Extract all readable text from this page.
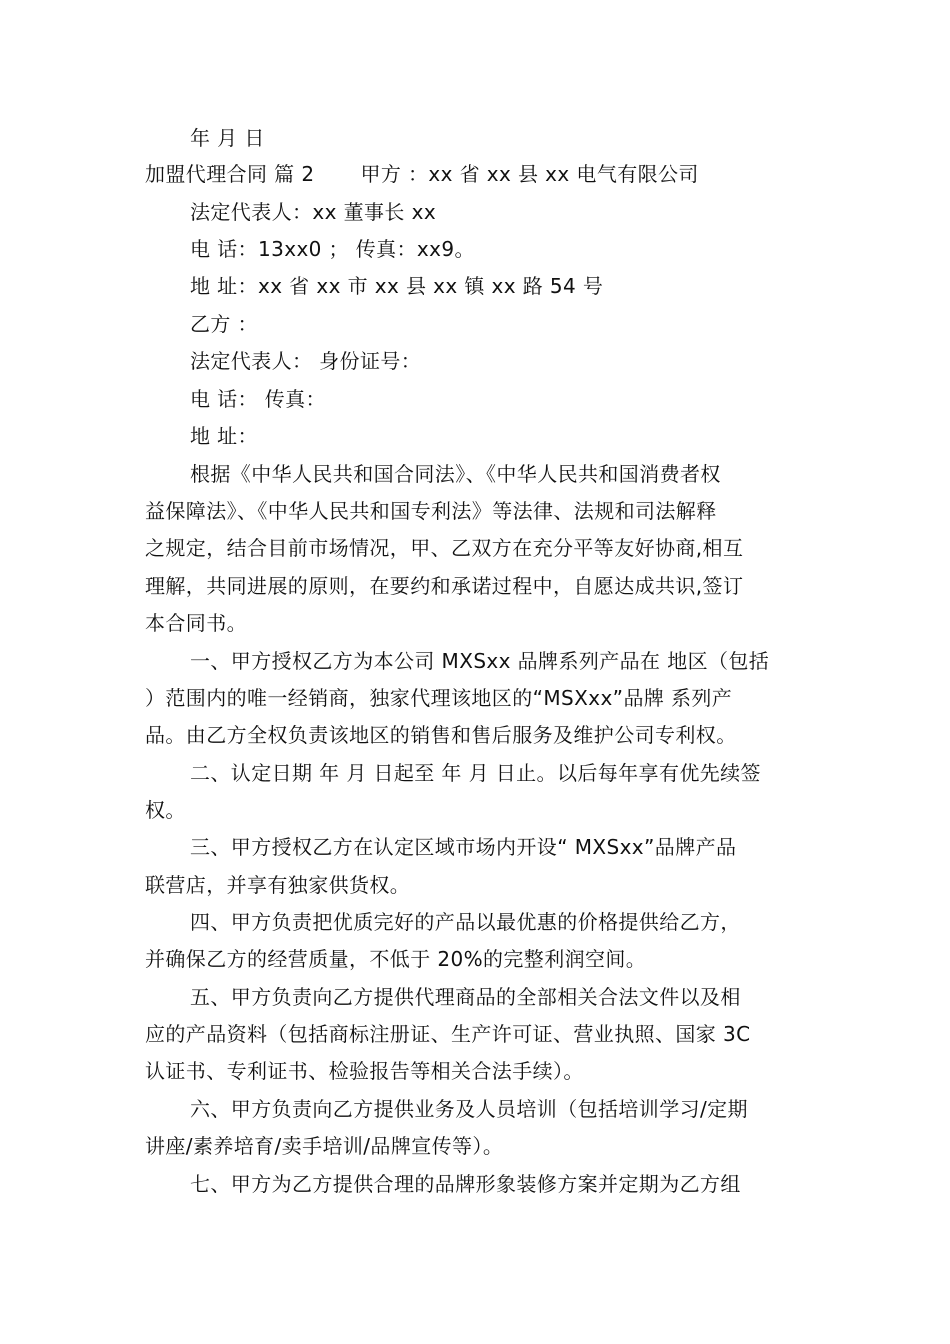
年 月 日
加盟代理合同 篇 2 甲方 ：xx 省 xx 县 xx 电气有限公司
法定代表人：xx 董事长 xx
电 话：13xx0 ； 传真：xx9。
地 址：xx 省 xx 市 xx 县 xx 镇 xx 路 54 号
乙方 ：
法定代表人： 身份证号：
电 话： 传真：
地 址：
根据《中华人民共和国合同法》、《中华人民共和国消费者权
益保障法》、《中华人民共和国专利法》等法律、法规和司法解释
之规定，结合目前市场情况，甲、乙双方在充分平等友好协商,相互
理解，共同进展的原则，在要约和承诺过程中，自愿达成共识,签订
本合同书。
一、甲方授权乙方为本公司 MXSxx 品牌系列产品在 地区（包括
）范围内的唯一经销商，独家代理该地区的“MSXxx”品牌 系列产
品。由乙方全权负责该地区的销售和售后服务及维护公司专利权。
二、认定日期 年 月 日起至 年 月 日止。以后每年享有优先续签
权。
三、甲方授权乙方在认定区域市场内开设“ MXSxx”品牌产品
联营店，并享有独家供货权。
四、甲方负责把优质完好的产品以最优惠的价格提供给乙方，
并确保乙方的经营质量，不低于 20%的完整利润空间。
五、甲方负责向乙方提供代理商品的全部相关合法文件以及相
应的产品资料（包括商标注册证、生产许可证、营业执照、国家 3C
认证书、专利证书、检验报告等相关合法手续）。
六、甲方负责向乙方提供业务及人员培训（包括培训学习/定期
讲座/素养培育/卖手培训/品牌宣传等）。
七、甲方为乙方提供合理的品牌形象装修方案并定期为乙方组
